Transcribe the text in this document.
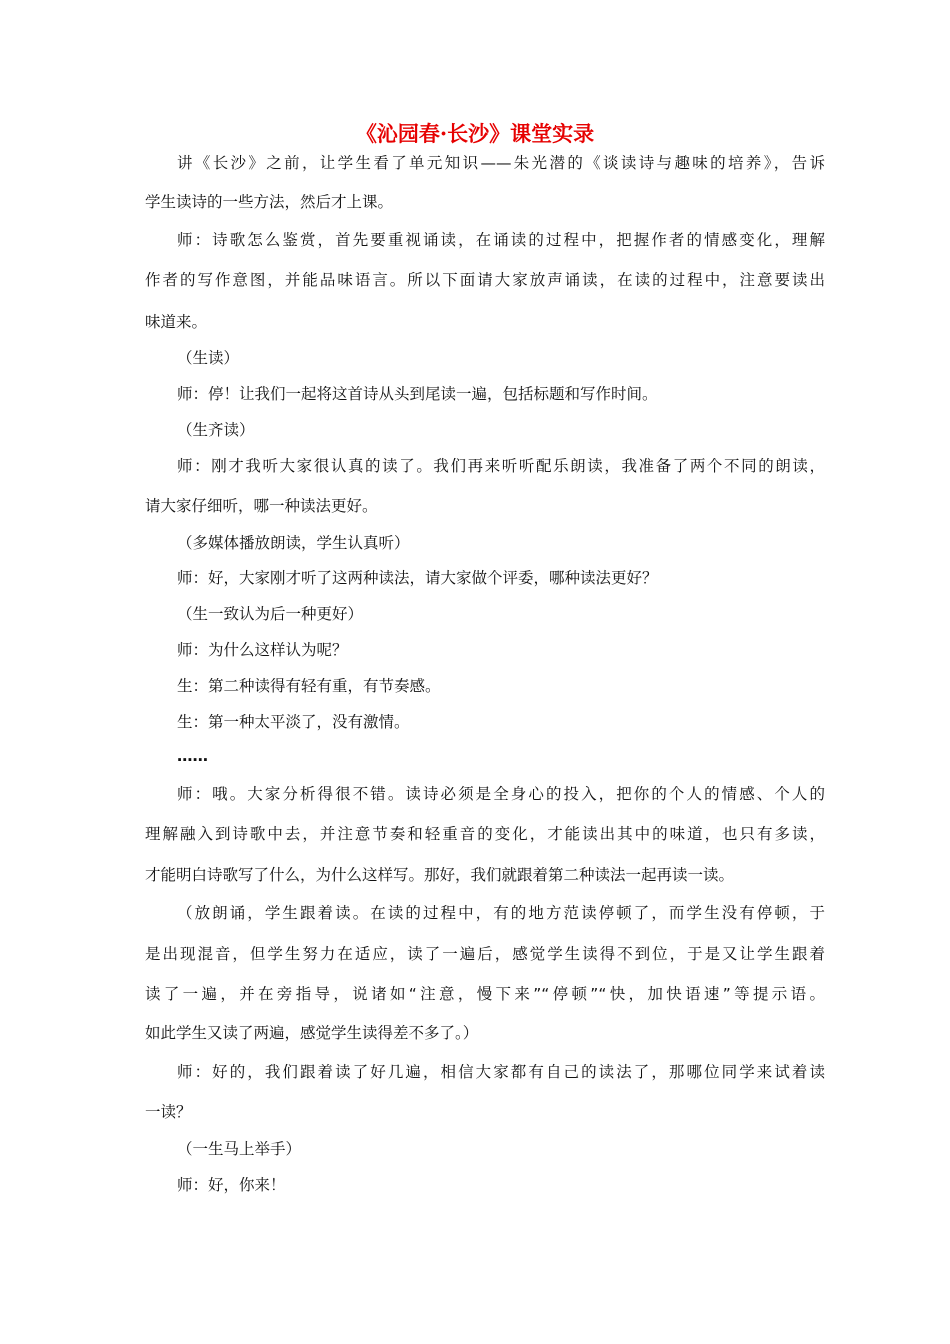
《沁园春·长沙》课堂实录
讲《长沙》之前，让学生看了单元知识——朱光潜的《谈读诗与趣味的培养》，告诉
学生读诗的一些方法，然后才上课。
师：诗歌怎么鉴赏，首先要重视诵读，在诵读的过程中，把握作者的情感变化，理解
作者的写作意图，并能品味语言。所以下面请大家放声诵读，在读的过程中，注意要读出
味道来。
（生读）
师：停！让我们一起将这首诗从头到尾读一遍，包括标题和写作时间。
（生齐读）
师：刚才我听大家很认真的读了。我们再来听听配乐朗读，我准备了两个不同的朗读，
请大家仔细听，哪一种读法更好。
（多媒体播放朗读，学生认真听）
师：好，大家刚才听了这两种读法，请大家做个评委，哪种读法更好？
（生一致认为后一种更好）
师：为什么这样认为呢？
生：第二种读得有轻有重，有节奏感。
生：第一种太平淡了，没有激情。
……
师：哦。大家分析得很不错。读诗必须是全身心的投入，把你的个人的情感、个人的
理解融入到诗歌中去，并注意节奏和轻重音的变化，才能读出其中的味道，也只有多读，
才能明白诗歌写了什么，为什么这样写。那好，我们就跟着第二种读法一起再读一读。
（放朗诵，学生跟着读。在读的过程中，有的地方范读停顿了，而学生没有停顿，于
是出现混音，但学生努力在适应，读了一遍后，感觉学生读得不到位，于是又让学生跟着
读了一遍，并在旁指导，说诸如“注意，慢下来”“停顿”“快，加快语速”等提示语。
如此学生又读了两遍，感觉学生读得差不多了。）
师：好的，我们跟着读了好几遍，相信大家都有自己的读法了，那哪位同学来试着读
一读？
（一生马上举手）
师：好，你来！
